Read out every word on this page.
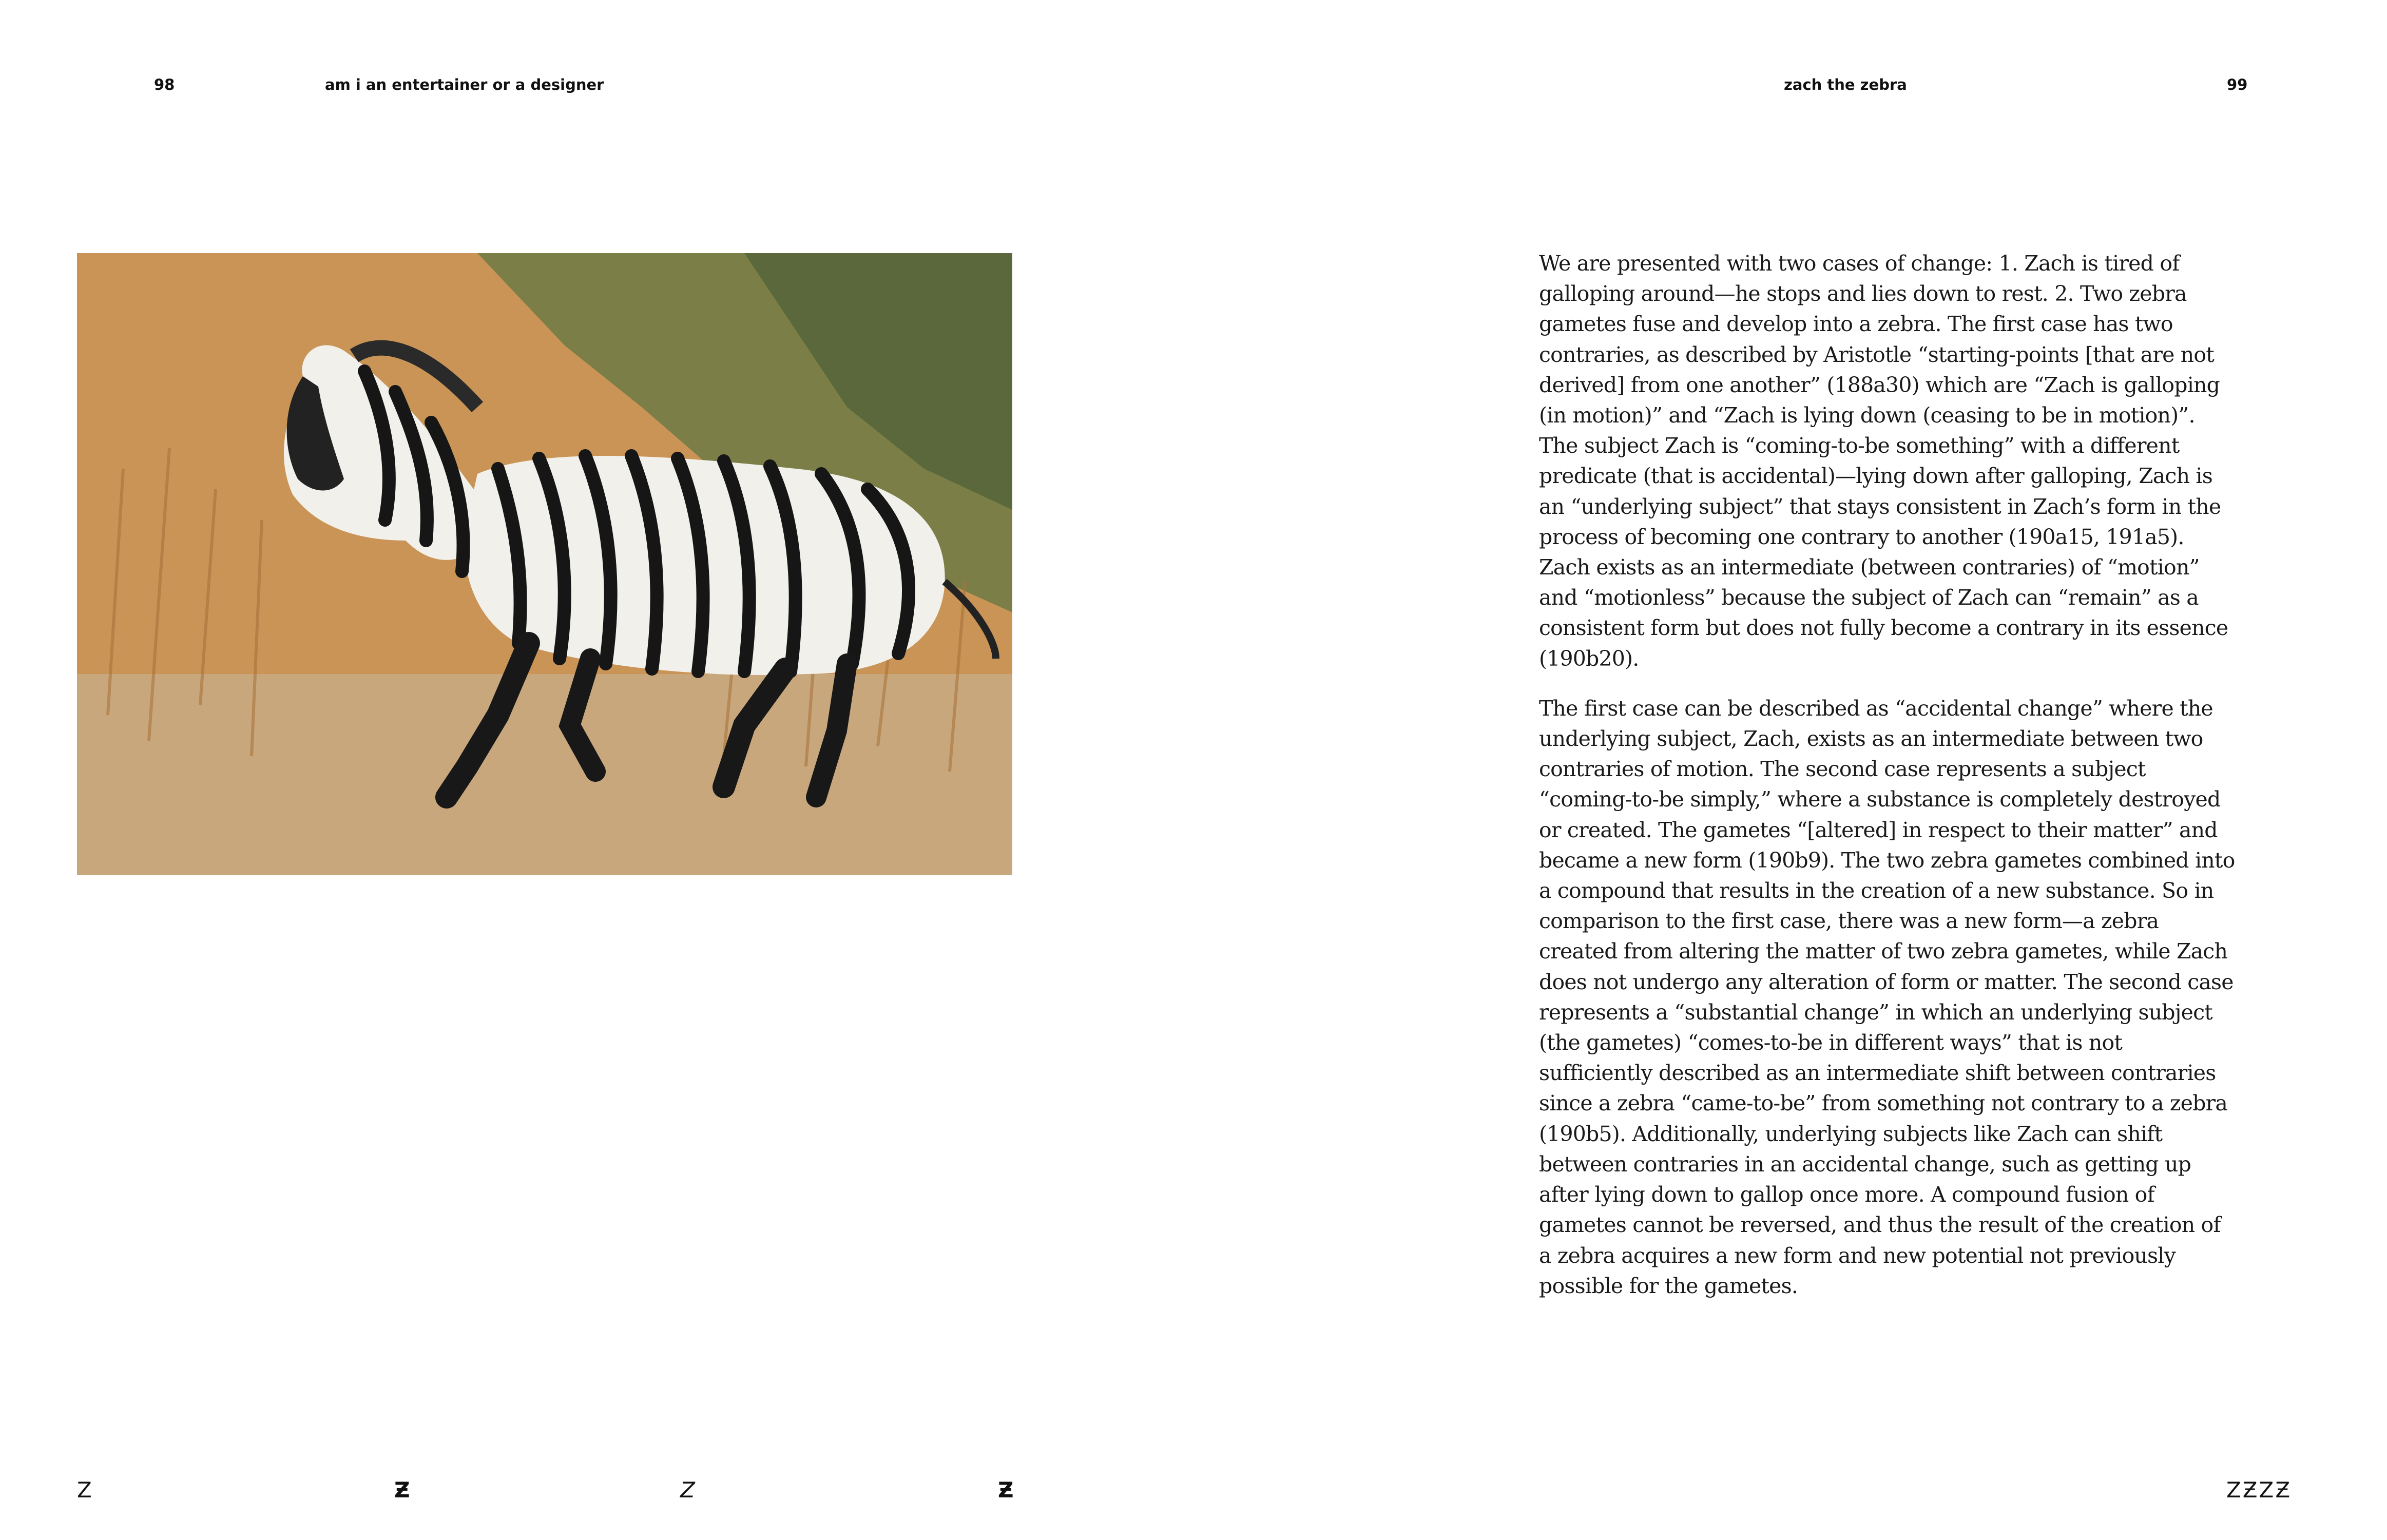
98	am i an entertainer or a designer
Z	Ƶ	Z	Ƶ
zach the zebra	99

We are presented with two cases of change: 1. Zach is tired of galloping around—he stops and lies down to rest. 2. Two zebra gametes fuse and develop into a zebra. The first case has two contraries, as described by Aristotle “starting-points [that are not derived] from one another” (188a30) which are “Zach is galloping (in motion)” and “Zach is lying down (ceasing to be in motion)”. The subject Zach is “coming-to-be something” with a different predicate (that is accidental)—lying down after galloping, Zach is an “underlying subject” that stays consistent in Zach’s form in the process of becoming one contrary to another (190a15, 191a5). Zach exists as an intermediate (between contraries) of “motion” and “motionless” because the subject of Zach can “remain” as a consistent form but does not fully become a contrary in its essence (190b20).

The first case can be described as “accidental change” where the underlying subject, Zach, exists as an intermediate between two contraries of motion. The second case represents a subject “coming-to-be simply,” where a substance is completely destroyed or created. The gametes “[altered] in respect to their matter” and became a new form (190b9). The two zebra gametes combined into a compound that results in the creation of a new substance. So in comparison to the first case, there was a new form—a zebra created from altering the matter of two zebra gametes, while Zach does not undergo any alteration of form or matter. The second case represents a “substantial change” in which an underlying subject (the gametes) “comes-to-be in different ways” that is not sufficiently described as an intermediate shift between contraries since a zebra “came-to-be” from something not contrary to a zebra (190b5). Additionally, underlying subjects like Zach can shift between contraries in an accidental change, such as getting up after lying down to gallop once more. A compound fusion of gametes cannot be reversed, and thus the result of the creation of a zebra acquires a new form and new potential not previously possible for the gametes.

ZƵZƵ
